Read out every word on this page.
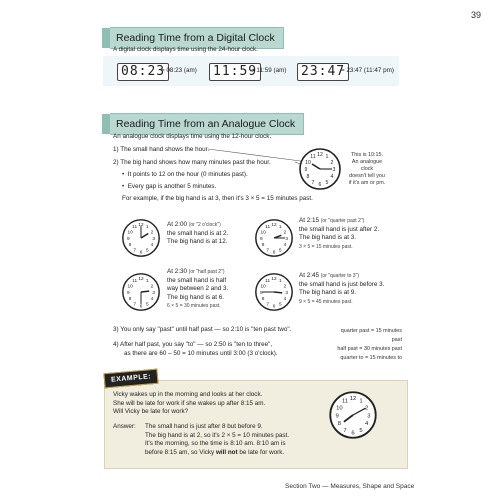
39
Reading Time from a Digital Clock
A digital clock displays time using the 24-hour clock.
08:23
= 08:23 (am)	11:59
= 11:59 (am)	23:47
= 23:47 (11:47 pm)
Reading Time from an Analogue Clock
An analogue clock displays time using the 12-hour clock.
1) The small hand shows the hour.
2) The big hand shows how many minutes past the hour.
•  It points to 12 on the hour (0 minutes past).
•  Every gap is another 5 minutes.
For example, if the big hand is at 3, then it's 3 × 5 = 15 minutes past.
12 1
2
3
4
5
6
7
8
9
10
11	This is 10:15.
An analogue clock
doesn't tell you
if it's am or pm.
12 1
2
3
4
5
6
7
8
9
10
11	At 2:00 (or "2 o'clock")
the small hand is at 2.
The big hand is at 12.
12 1
2
3
4
5
6
7
8
9
10
11
At 2:15 (or "quarter past 2")
the small hand is just after 2.
The big hand is at 3.
3 × 5 = 15 minutes past.
12 1
2
3
4
5
6
7
8
9
10
11
At 2:30 (or "half past 2")
the small hand is half
way between 2 and 3.
The big hand is at 6.
6 × 5 = 30 minutes past.
12 1
2
3
4
5
6
7
8
9
10
11
At 2:45 (or "quarter to 3")
the small hand is just before 3.
The big hand is at 9.
9 × 5 = 45 minutes past.
3) You only say "past" until half past — so 2:10 is "ten past two".
4) After half past, you say "to" — so 2:50 is "ten to three",
as there are 60 – 50 = 10 minutes until 3:00 (3 o'clock).
quarter past = 15 minutes past
half past = 30 minutes past
quarter to = 15 minutes to
EXAMPLE:
Vicky wakes up in the morning and looks at her clock.
She will be late for work if she wakes up after 8:15 am.
Will Vicky be late for work?
12 1
2
3
4
5
6
7
8
9
10
11
Answer: The small hand is just after 8 but before 9.
The big hand is at 2, so it's 2 × 5 = 10 minutes past.
It's the morning, so the time is 8:10 am. 8:10 am is
before 8:15 am, so Vicky will not be late for work.
Section Two — Measures, Shape and Space
